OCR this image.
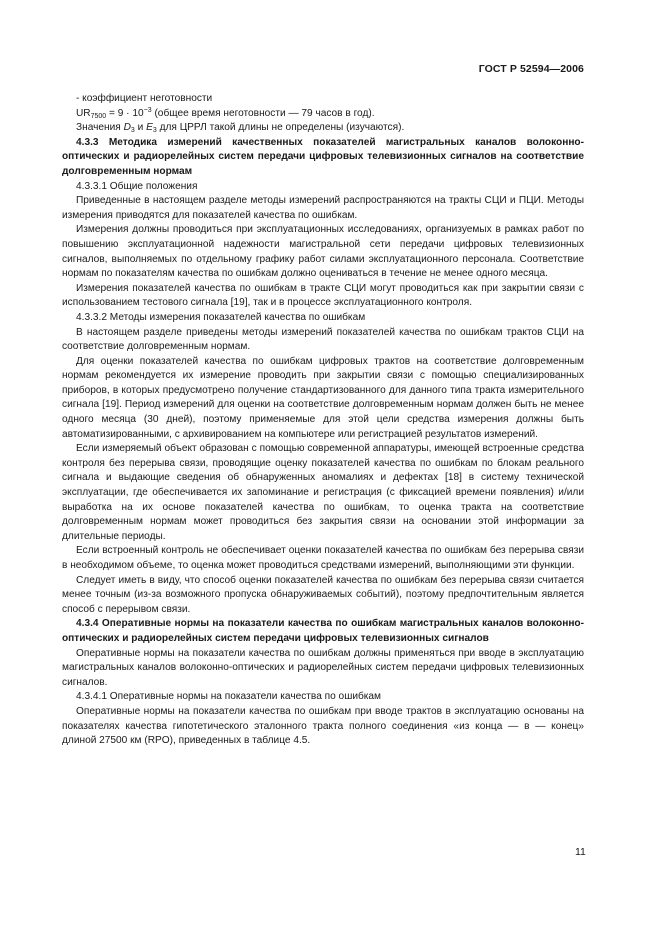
ГОСТ Р 52594—2006

- коэффициент неготовности

$UR_{7500} = 9 \cdot 10^{-3}$ (общее время неготовности — 79 часов в год).

Значения $D_3$ и $E_3$ для ЦРРЛ такой длины не определены (изучаются).

4.3.3 Методика измерений качественных показателей магистральных каналов волоконно-оптических и радиорелейных систем передачи цифровых телевизионных сигналов на соответствие долговременным нормам

4.3.3.1 Общие положения

Приведенные в настоящем разделе методы измерений распространяются на тракты СЦИ и ПЦИ. Методы измерения приводятся для показателей качества по ошибкам.

Измерения должны проводиться при эксплуатационных исследованиях, организуемых в рамках работ по повышению эксплуатационной надежности магистральной сети передачи цифровых телевизионных сигналов, выполняемых по отдельному графику работ силами эксплуатационного персонала. Соответствие нормам по показателям качества по ошибкам должно оцениваться в течение не менее одного месяца.

Измерения показателей качества по ошибкам в тракте СЦИ могут проводиться как при закрытии связи с использованием тестового сигнала [19], так и в процессе эксплуатационного контроля.

4.3.3.2 Методы измерения показателей качества по ошибкам

В настоящем разделе приведены методы измерений показателей качества по ошибкам трактов СЦИ на соответствие долговременным нормам.

Для оценки показателей качества по ошибкам цифровых трактов на соответствие долговременным нормам рекомендуется их измерение проводить при закрытии связи с помощью специализированных приборов, в которых предусмотрено получение стандартизованного для данного типа тракта измерительного сигнала [19]. Период измерений для оценки на соответствие долговременным нормам должен быть не менее одного месяца (30 дней), поэтому применяемые для этой цели средства измерения должны быть автоматизированными, с архивированием на компьютере или регистрацией результатов измерений.

Если измеряемый объект образован с помощью современной аппаратуры, имеющей встроенные средства контроля без перерыва связи, проводящие оценку показателей качества по ошибкам по блокам реального сигнала и выдающие сведения об обнаруженных аномалиях и дефектах [18] в систему технической эксплуатации, где обеспечивается их запоминание и регистрация (с фиксацией времени появления) и/или выработка на их основе показателей качества по ошибкам, то оценка тракта на соответствие долговременным нормам может проводиться без закрытия связи на основании этой информации за длительные периоды.

Если встроенный контроль не обеспечивает оценки показателей качества по ошибкам без перерыва связи в необходимом объеме, то оценка может проводиться средствами измерений, выполняющими эти функции.

Следует иметь в виду, что способ оценки показателей качества по ошибкам без перерыва связи считается менее точным (из-за возможного пропуска обнаруживаемых событий), поэтому предпочтительным является способ с перерывом связи.

4.3.4 Оперативные нормы на показатели качества по ошибкам магистральных каналов волоконно-оптических и радиорелейных систем передачи цифровых телевизионных сигналов

Оперативные нормы на показатели качества по ошибкам должны применяться при вводе в эксплуатацию магистральных каналов волоконно-оптических и радиорелейных систем передачи цифровых телевизионных сигналов.

4.3.4.1 Оперативные нормы на показатели качества по ошибкам

Оперативные нормы на показатели качества по ошибкам при вводе трактов в эксплуатацию основаны на показателях качества гипотетического эталонного тракта полного соединения «из конца — в — конец» длиной 27500 км (RPO), приведенных в таблице 4.5.

11
